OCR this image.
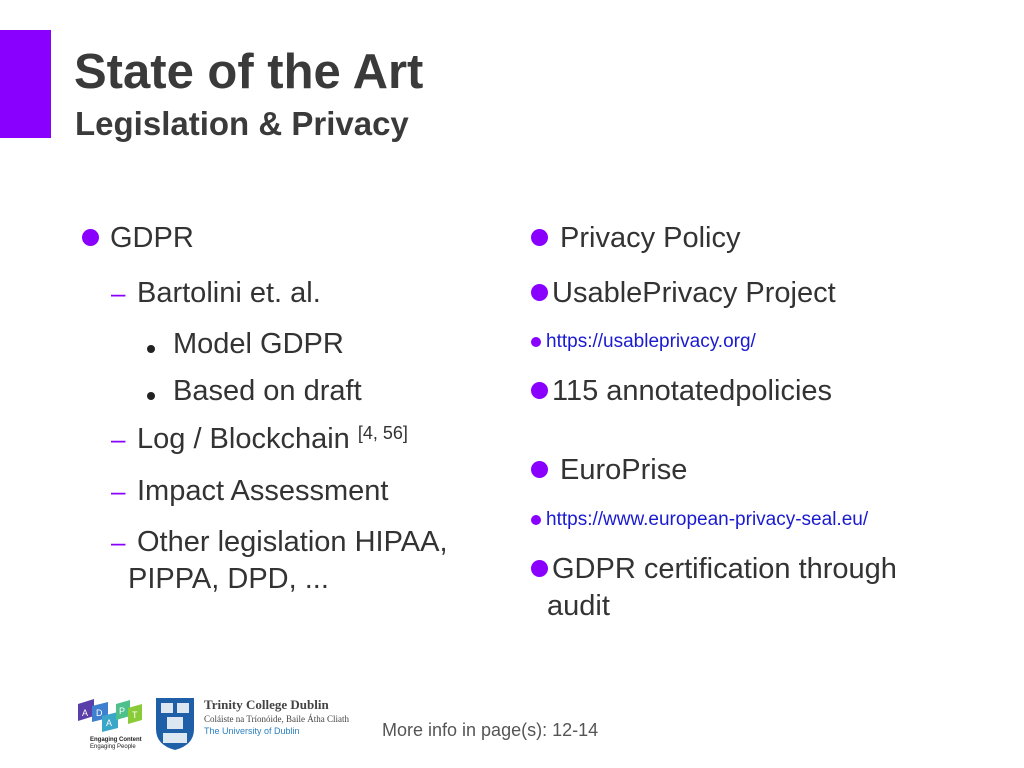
State of the Art
Legislation & Privacy
GDPR
– Bartolini et. al.
Model GDPR
Based on draft
– Log / Blockchain [4, 56]
– Impact Assessment
– Other legislation HIPAA,
PIPPA, DPD, ...
Privacy Policy
UsablePrivacy Project
https://usableprivacy.org/
115 annotatedpolicies
EuroPrise
https://www.european-privacy-seal.eu/
GDPR certification through
audit
A D
A
P T
Engaging Content
Engaging People
Trinity College Dublin
Coláiste na Tríonóide, Baile Átha Cliath
The University of Dublin	More info in page(s): 12-14
